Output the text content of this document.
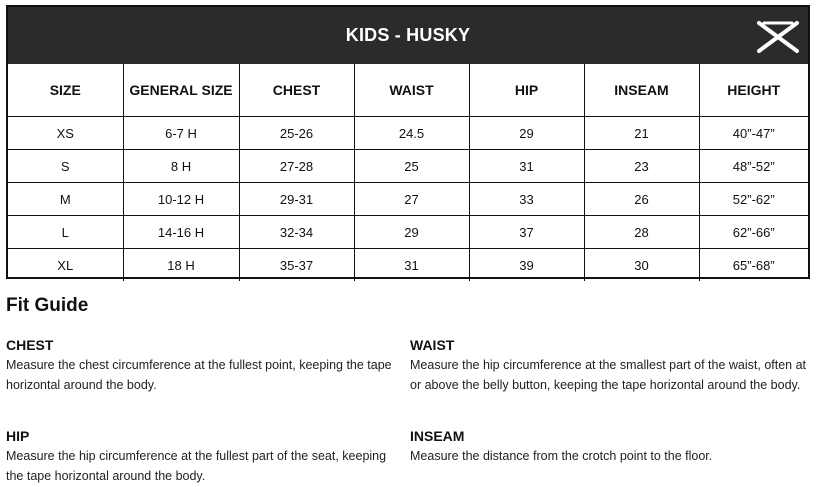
KIDS - HUSKY
SIZE	GENERAL SIZE	CHEST	WAIST	HIP	INSEAM	HEIGHT
XS	6-7 H	25-26	24.5	29	21	40”-47”
S	8 H	27-28	25	31	23	48”-52”
M	10-12 H	29-31	27	33	26	52”-62”
L	14-16 H	32-34	29	37	28	62”-66”
XL	18 H	35-37	31	39	30	65”-68”
Fit Guide
CHEST

Measure the chest circumference at the fullest point, keeping the tape horizontal around the body.

WAIST

Measure the hip circumference at the smallest part of the waist, often at or above the belly button, keeping the tape horizontal around the body.

HIP

Measure the hip circumference at the fullest part of the seat, keeping the tape horizontal around the body.

INSEAM

Measure the distance from the crotch point to the floor.
